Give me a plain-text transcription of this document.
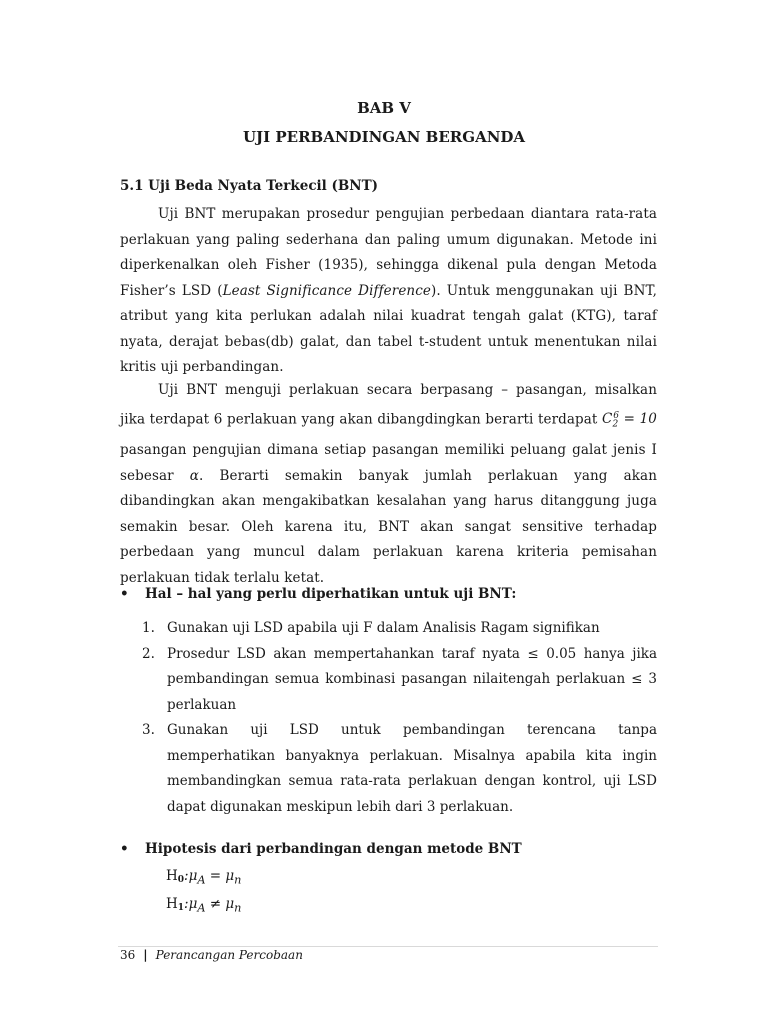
BAB V
UJI PERBANDINGAN BERGANDA
5.1 Uji Beda Nyata Terkecil (BNT)
Uji BNT merupakan prosedur pengujian perbedaan diantara rata-rata perlakuan yang paling sederhana dan paling umum digunakan. Metode ini diperkenalkan oleh Fisher (1935), sehingga dikenal pula dengan Metoda Fisher’s LSD (Least Significance Difference). Untuk menggunakan uji BNT, atribut yang kita perlukan adalah nilai kuadrat tengah galat (KTG), taraf nyata, derajat bebas(db) galat, dan tabel t-student untuk menentukan nilai kritis uji perbandingan.
Uji BNT menguji perlakuan secara berpasang – pasangan, misalkan jika terdapat 6 perlakuan yang akan dibangdingkan berarti terdapat $C_2^6 = 10$ pasangan pengujian dimana setiap pasangan memiliki peluang galat jenis I sebesar α. Berarti semakin banyak jumlah perlakuan yang akan dibandingkan akan mengakibatkan kesalahan yang harus ditanggung juga semakin besar. Oleh karena itu, BNT akan sangat sensitive terhadap perbedaan yang muncul dalam perlakuan karena kriteria pemisahan perlakuan tidak terlalu ketat.
• Hal – hal yang perlu diperhatikan untuk uji BNT:
1. Gunakan uji LSD apabila uji F dalam Analisis Ragam signifikan
2. Prosedur LSD akan mempertahankan taraf nyata ≤ 0.05 hanya jika pembandingan semua kombinasi pasangan nilaitengah perlakuan ≤ 3 perlakuan
3. Gunakan uji LSD untuk pembandingan terencana tanpa memperhatikan banyaknya perlakuan. Misalnya apabila kita ingin membandingkan semua rata-rata perlakuan dengan kontrol, uji LSD dapat digunakan meskipun lebih dari 3 perlakuan.
• Hipotesis dari perbandingan dengan metode BNT
$H_0:\mu_A = \mu_n$
$H_1:\mu_A \ne \mu_n$
36 | Perancangan Percobaan
